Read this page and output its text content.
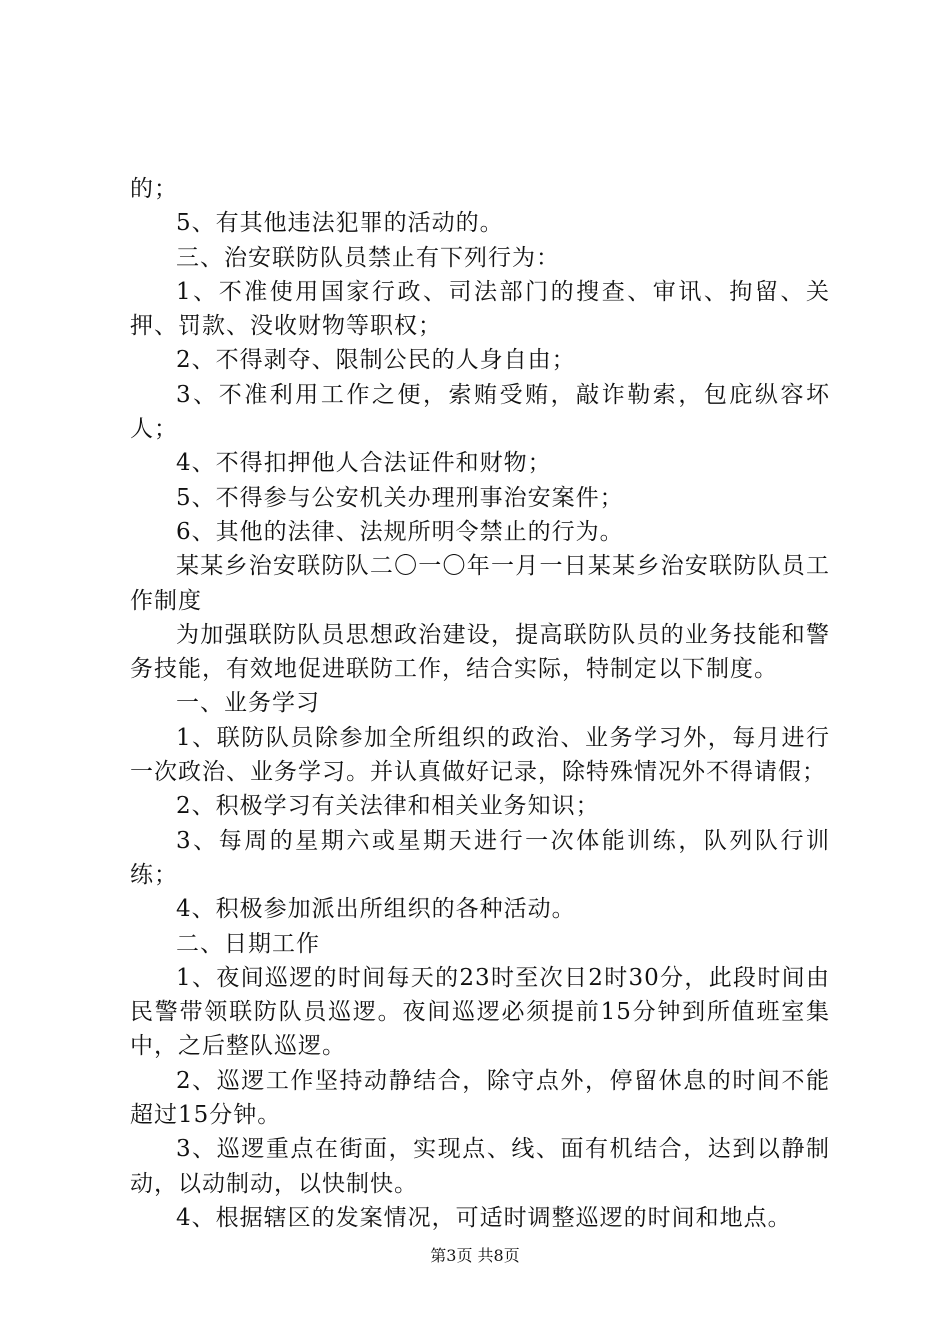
的；

5、有其他违法犯罪的活动的。

三、治安联防队员禁止有下列行为：

1、不准使用国家行政、司法部门的搜查、审讯、拘留、关押、罚款、没收财物等职权；

2、不得剥夺、限制公民的人身自由；

3、不准利用工作之便，索贿受贿，敲诈勒索，包庇纵容坏人；

4、不得扣押他人合法证件和财物；

5、不得参与公安机关办理刑事治安案件；

6、其他的法律、法规所明令禁止的行为。

某某乡治安联防队二〇一〇年一月一日某某乡治安联防队员工作制度

为加强联防队员思想政治建设，提高联防队员的业务技能和警务技能，有效地促进联防工作，结合实际，特制定以下制度。

一、业务学习

1、联防队员除参加全所组织的政治、业务学习外，每月进行一次政治、业务学习。并认真做好记录，除特殊情况外不得请假；

2、积极学习有关法律和相关业务知识；

3、每周的星期六或星期天进行一次体能训练，队列队行训练；

4、积极参加派出所组织的各种活动。

二、日期工作

1、夜间巡逻的时间每天的23时至次日2时30分，此段时间由民警带领联防队员巡逻。夜间巡逻必须提前15分钟到所值班室集中，之后整队巡逻。

2、巡逻工作坚持动静结合，除守点外，停留休息的时间不能超过15分钟。

3、巡逻重点在街面，实现点、线、面有机结合，达到以静制动，以动制动，以快制快。

4、根据辖区的发案情况，可适时调整巡逻的时间和地点。

第3页 共8页
